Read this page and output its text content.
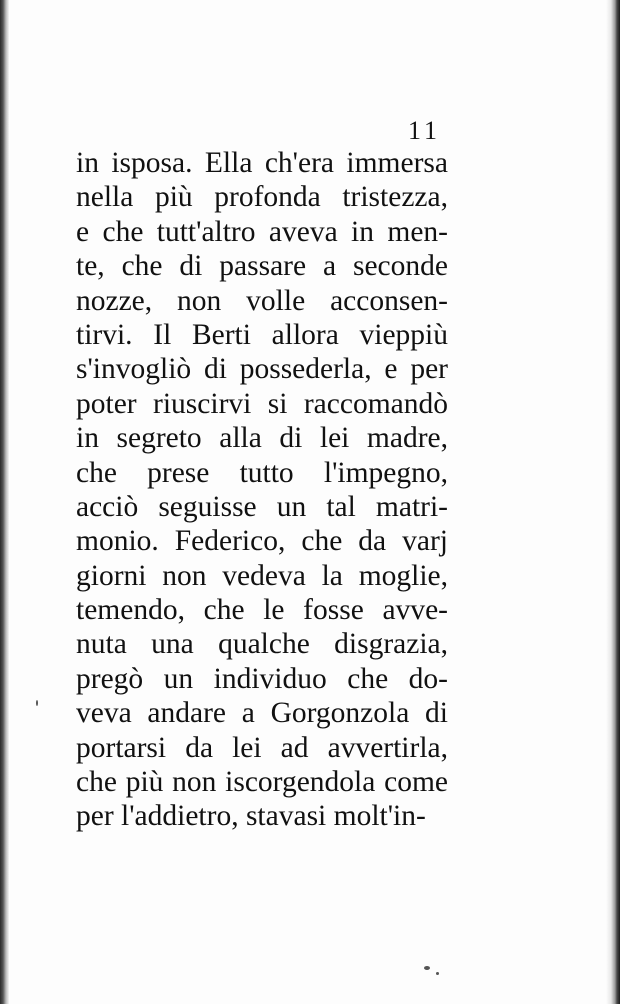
11
in isposa. Ella ch'era immersa
nella più profonda tristezza,
e che tutt'altro aveva in men-
te, che di passare a seconde
nozze, non volle acconsen-
tirvi. Il Berti allora vieppiù
s'invogliò di possederla, e per
poter riuscirvi si raccomandò
in segreto alla di lei madre,
che prese tutto l'impegno,
acciò seguisse un tal matri-
monio. Federico, che da varj
giorni non vedeva la moglie,
temendo, che le fosse avve-
nuta una qualche disgrazia,
pregò un individuo che do-
veva andare a Gorgonzola di
portarsi da lei ad avvertirla,
che più non iscorgendola come
per l'addietro, stavasi molt'in-
